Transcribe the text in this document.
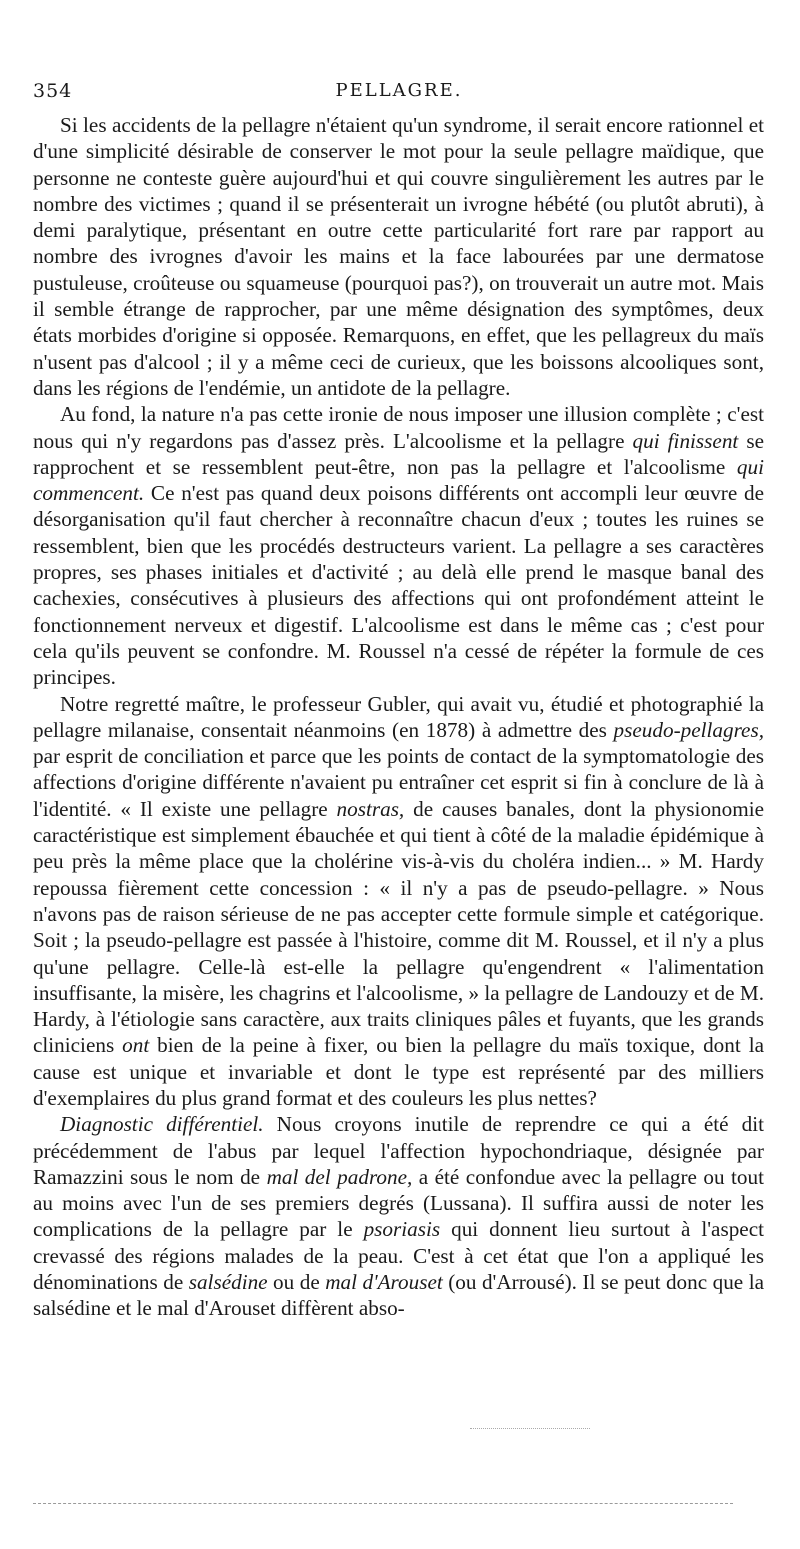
354	PELLAGRE.

Si les accidents de la pellagre n'étaient qu'un syndrome, il serait encore rationnel et d'une simplicité désirable de conserver le mot pour la seule pellagre maïdique, que personne ne conteste guère aujourd'hui et qui couvre singulièrement les autres par le nombre des victimes ; quand il se présenterait un ivrogne hébété (ou plutôt abruti), à demi paralytique, présentant en outre cette particularité fort rare par rapport au nombre des ivrognes d'avoir les mains et la face labourées par une dermatose pustuleuse, croûteuse ou squameuse (pourquoi pas?), on trouverait un autre mot. Mais il semble étrange de rapprocher, par une même désignation des symptômes, deux états morbides d'origine si opposée. Remarquons, en effet, que les pellagreux du maïs n'usent pas d'alcool ; il y a même ceci de curieux, que les boissons alcooliques sont, dans les régions de l'endémie, un antidote de la pellagre.

Au fond, la nature n'a pas cette ironie de nous imposer une illusion complète ; c'est nous qui n'y regardons pas d'assez près. L'alcoolisme et la pellagre qui finissent se rapprochent et se ressemblent peut-être, non pas la pellagre et l'alcoolisme qui commencent. Ce n'est pas quand deux poisons différents ont accompli leur œuvre de désorganisation qu'il faut chercher à reconnaître chacun d'eux ; toutes les ruines se ressemblent, bien que les procédés destructeurs varient. La pellagre a ses caractères propres, ses phases initiales et d'activité ; au delà elle prend le masque banal des cachexies, consécutives à plusieurs des affections qui ont profondément atteint le fonctionnement nerveux et digestif. L'alcoolisme est dans le même cas ; c'est pour cela qu'ils peuvent se confondre. M. Roussel n'a cessé de répéter la formule de ces principes.

Notre regretté maître, le professeur Gubler, qui avait vu, étudié et photographié la pellagre milanaise, consentait néanmoins (en 1878) à admettre des pseudo-pellagres, par esprit de conciliation et parce que les points de contact de la symptomatologie des affections d'origine différente n'avaient pu entraîner cet esprit si fin à conclure de là à l'identité. « Il existe une pellagre nostras, de causes banales, dont la physionomie caractéristique est simplement ébauchée et qui tient à côté de la maladie épidémique à peu près la même place que la cholérine vis-à-vis du choléra indien... » M. Hardy repoussa fièrement cette concession : « il n'y a pas de pseudo-pellagre. » Nous n'avons pas de raison sérieuse de ne pas accepter cette formule simple et catégorique. Soit ; la pseudo-pellagre est passée à l'histoire, comme dit M. Roussel, et il n'y a plus qu'une pellagre. Celle-là est-elle la pellagre qu'engendrent « l'alimentation insuffisante, la misère, les chagrins et l'alcoolisme, » la pellagre de Landouzy et de M. Hardy, à l'étiologie sans caractère, aux traits cliniques pâles et fuyants, que les grands cliniciens ont bien de la peine à fixer, ou bien la pellagre du maïs toxique, dont la cause est unique et invariable et dont le type est représenté par des milliers d'exemplaires du plus grand format et des couleurs les plus nettes?

Diagnostic différentiel. Nous croyons inutile de reprendre ce qui a été dit précédemment de l'abus par lequel l'affection hypochondriaque, désignée par Ramazzini sous le nom de mal del padrone, a été confondue avec la pellagre ou tout au moins avec l'un de ses premiers degrés (Lussana). Il suffira aussi de noter les complications de la pellagre par le psoriasis qui donnent lieu surtout à l'aspect crevassé des régions malades de la peau. C'est à cet état que l'on a appliqué les dénominations de salsédine ou de mal d'Arouset (ou d'Arrousé). Il se peut donc que la salsédine et le mal d'Arouset diffèrent abso-
